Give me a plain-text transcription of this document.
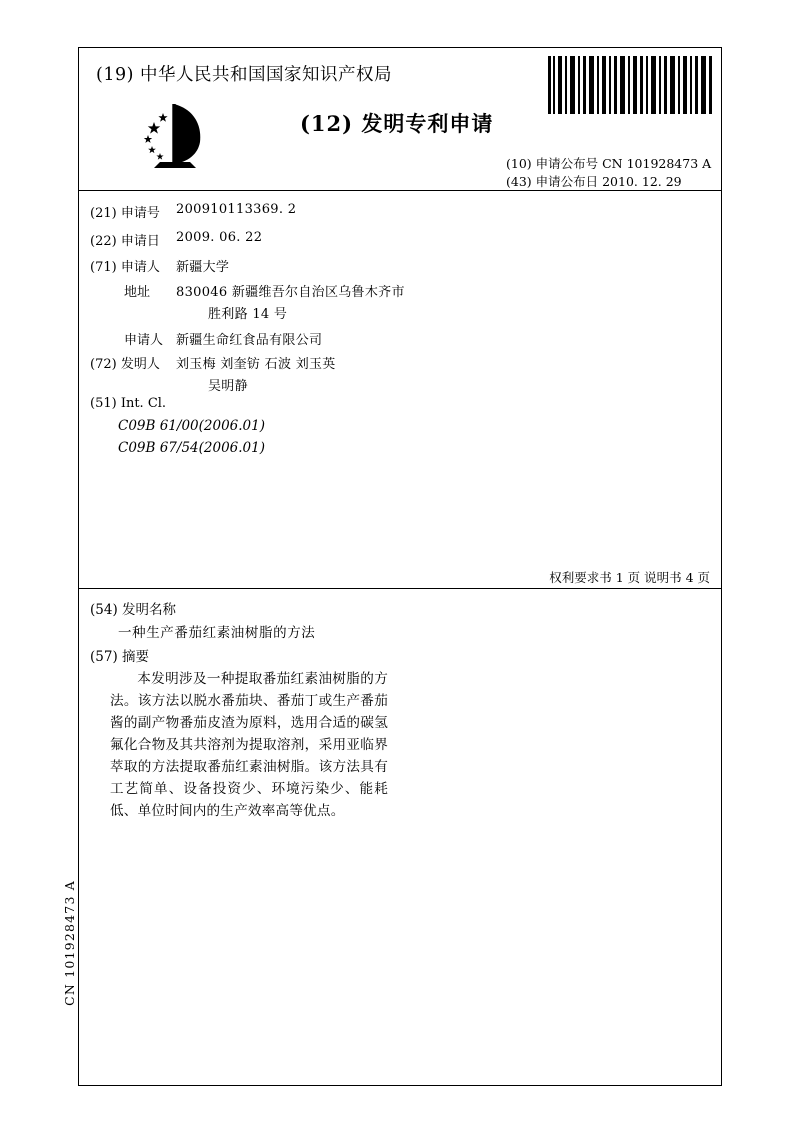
(19) 中华人民共和国国家知识产权局
(12) 发明专利申请
(10) 申请公布号 CN 101928473 A
(43) 申请公布日 2010. 12. 29
(21) 申请号 200910113369. 2
(22) 申请日 2009. 06. 22
(71) 申请人 新疆大学
地址 830046 新疆维吾尔自治区乌鲁木齐市
胜利路 14 号
申请人 新疆生命红食品有限公司
(72) 发明人 刘玉梅 刘奎钫 石波 刘玉英
吴明静
(51) Int. Cl.
C09B 61/00(2006.01)
C09B 67/54(2006.01)
权利要求书 1 页 说明书 4 页
(54) 发明名称
一种生产番茄红素油树脂的方法
(57) 摘要
本发明涉及一种提取番茄红素油树脂的方法。该方法以脱水番茄块、番茄丁或生产番茄酱的副产物番茄皮渣为原料，选用合适的碳氢氟化合物及其共溶剂为提取溶剂，采用亚临界萃取的方法提取番茄红素油树脂。该方法具有工艺简单、设备投资少、环境污染少、能耗低、单位时间内的生产效率高等优点。
CN 101928473 A
